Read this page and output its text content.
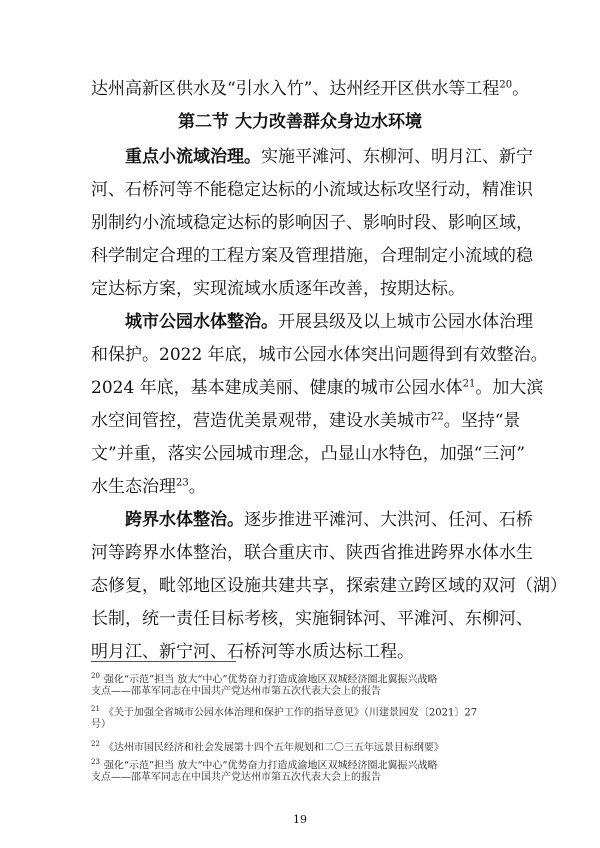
达州高新区供水及“引水入竹”、达州经开区供水等工程$^{20}$。
第二节 大力改善群众身边水环境
重点小流域治理。实施平滩河、东柳河、明月江、新宁
河、石桥河等不能稳定达标的小流域达标攻坚行动，精准识
别制约小流域稳定达标的影响因子、影响时段、影响区域，
科学制定合理的工程方案及管理措施，合理制定小流域的稳
定达标方案，实现流域水质逐年改善，按期达标。
城市公园水体整治。开展县级及以上城市公园水体治理
和保护。2022 年底，城市公园水体突出问题得到有效整治。
2024 年底，基本建成美丽、健康的城市公园水体$^{21}$。加大滨
水空间管控，营造优美景观带，建设水美城市$^{22}$。坚持“景
文”并重，落实公园城市理念，凸显山水特色，加强“三河”
水生态治理$^{23}$。
跨界水体整治。逐步推进平滩河、大洪河、任河、石桥
河等跨界水体整治，联合重庆市、陕西省推进跨界水体水生
态修复，毗邻地区设施共建共享，探索建立跨区域的双河（湖）
长制，统一责任目标考核，实施铜钵河、平滩河、东柳河、
明月江、新宁河、石桥河等水质达标工程。
$^{20}$ 强化“示范”担当 放大“中心”优势奋力打造成渝地区双城经济圈北翼振兴战略
支点——邵革军同志在中国共产党达州市第五次代表大会上的报告
$^{21}$ 《关于加强全省城市公园水体治理和保护工作的指导意见》（川建景园发〔2021〕27
号）
$^{22}$ 《达州市国民经济和社会发展第十四个五年规划和二〇三五年远景目标纲要》
$^{23}$ 强化“示范”担当 放大“中心”优势奋力打造成渝地区双城经济圈北翼振兴战略
支点——邵革军同志在中国共产党达州市第五次代表大会上的报告
19
